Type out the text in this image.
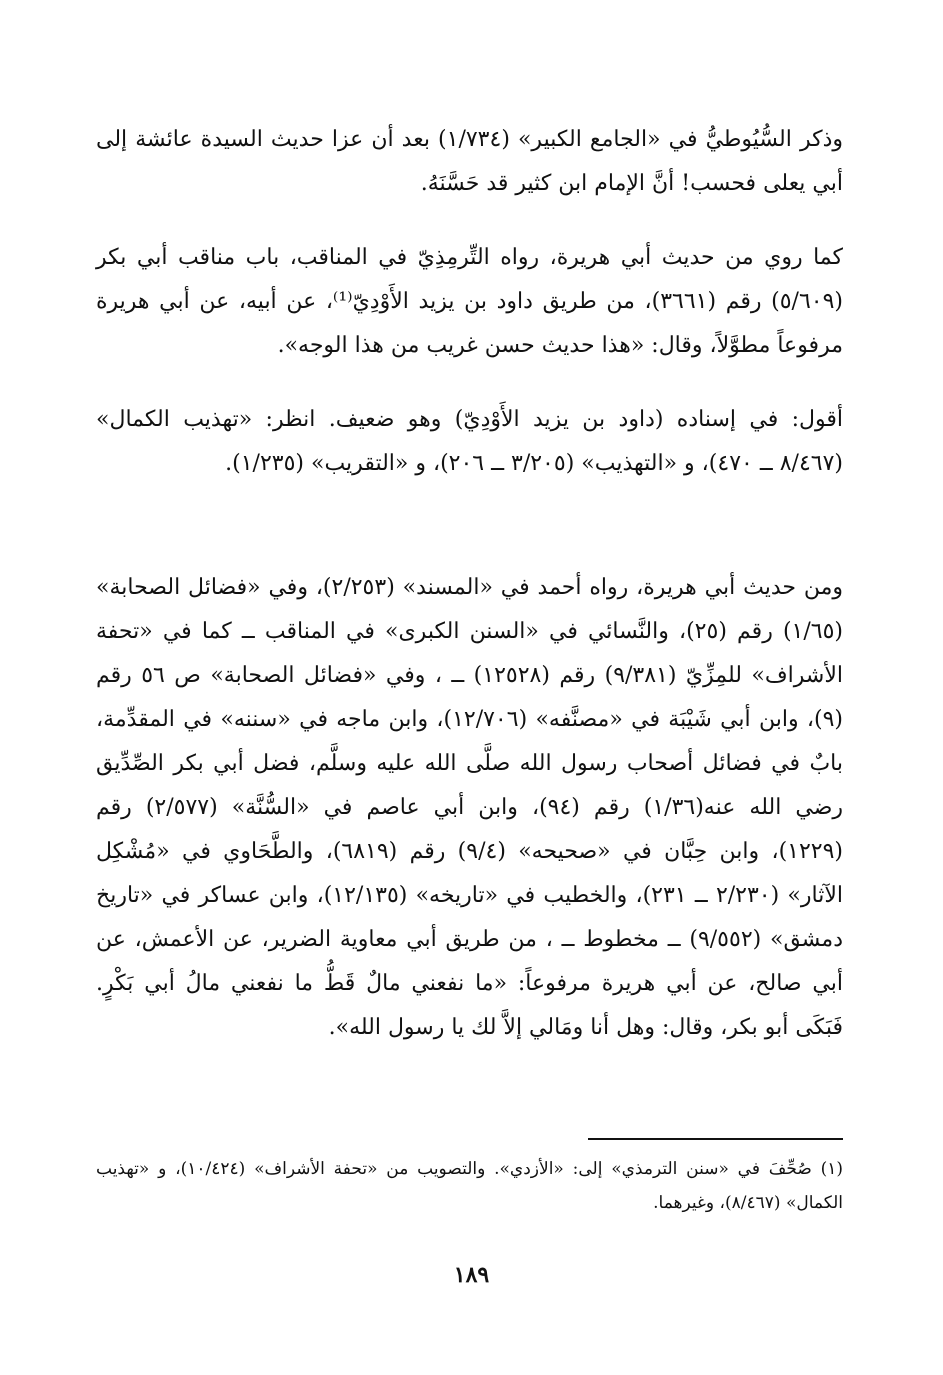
وذكر السُّيُوطيُّ في «الجامع الكبير» (١/٧٣٤) بعد أن عزا حديث السيدة عائشة إلى أبي يعلى فحسب! أنَّ الإمام ابن كثير قد حَسَّنَهُ.

كما روي من حديث أبي هريرة، رواه التِّرمِذِيّ في المناقب، باب مناقب أبي بكر (٥/٦٠٩) رقم (٣٦٦١)، من طريق داود بن يزيد الأَوْدِيّ⁽¹⁾، عن أبيه، عن أبي هريرة مرفوعاً مطوَّلاً، وقال: «هذا حديث حسن غريب من هذا الوجه».

أقول: في إسناده (داود بن يزيد الأَوْدِيّ) وهو ضعيف. انظر: «تهذيب الكمال» (٨/٤٦٧ ــ ٤٧٠)، و «التهذيب» (٣/٢٠٥ ــ ٢٠٦)، و «التقريب» (١/٢٣٥).

ومن حديث أبي هريرة، رواه أحمد في «المسند» (٢/٢٥٣)، وفي «فضائل الصحابة» (١/٦٥) رقم (٢٥)، والنَّسائي في «السنن الكبرى» في المناقب ــ كما في «تحفة الأشراف» للمِزِّيّ (٩/٣٨١) رقم (١٢٥٢٨) ــ ، وفي «فضائل الصحابة» ص ٥٦ رقم (٩)، وابن أبي شَيْبَة في «مصنَّفه» (١٢/٧٠٦)، وابن ماجه في «سننه» في المقدِّمة، بابٌ في فضائل أصحاب رسول الله صلَّى الله عليه وسلَّم، فضل أبي بكر الصِّدِّيق رضي الله عنه(١/٣٦) رقم (٩٤)، وابن أبي عاصم في «السُّنَّة» (٢/٥٧٧) رقم (١٢٢٩)، وابن حِبَّان في «صحيحه» (٩/٤) رقم (٦٨١٩)، والطَّحَاوي في «مُشْكِل الآثار» (٢/٢٣٠ ــ ٢٣١)، والخطيب في «تاريخه» (١٢/١٣٥)، وابن عساكر في «تاريخ دمشق» (٩/٥٥٢) ــ مخطوط ــ ، من طريق أبي معاوية الضرير، عن الأعمش، عن أبي صالح، عن أبي هريرة مرفوعاً: «ما نفعني مالٌ قَطُّ ما نفعني مالُ أبي بَكْرٍ. فَبَكَى أبو بكر، وقال: وهل أنا ومَالي إلاَّ لك يا رسول الله».

(١) صُحِّفَ في «سنن الترمذي» إلى: «الأزدي». والتصويب من «تحفة الأشراف» (١٠/٤٢٤)، و «تهذيب الكمال» (٨/٤٦٧)، وغيرهما.

١٨٩
